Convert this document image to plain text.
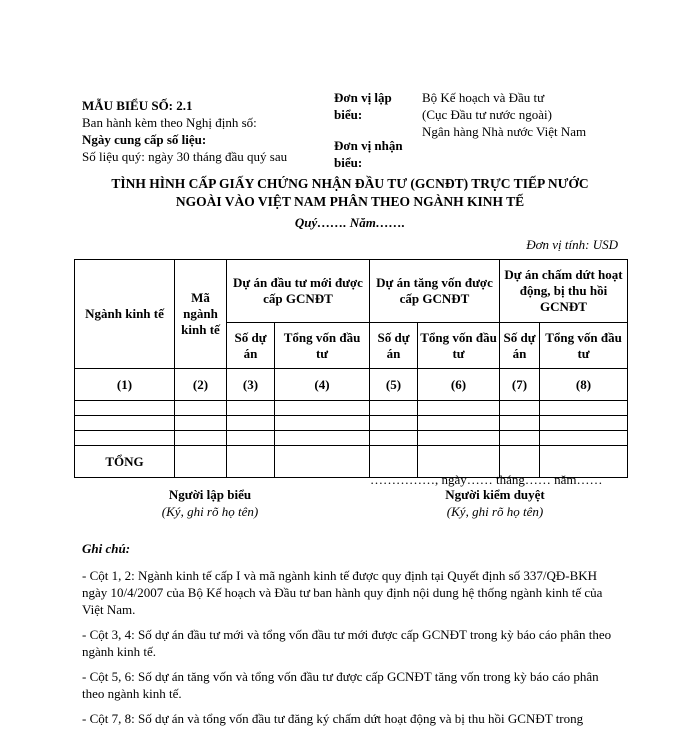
MẪU BIỂU SỐ: 2.1
Ban hành kèm theo Nghị định số:
Ngày cung cấp số liệu:
Số liệu quý: ngày 30 tháng đầu quý sau
Đơn vị lập
biểu:
Đơn vị nhận
biểu:
Bộ Kế hoạch và Đầu tư
(Cục Đầu tư nước ngoài)
Ngân hàng Nhà nước Việt Nam
TÌNH HÌNH CẤP GIẤY CHỨNG NHẬN ĐẦU TƯ (GCNĐT) TRỰC TIẾP NƯỚC
NGOÀI VÀO VIỆT NAM PHÂN THEO NGÀNH KINH TẾ
Quý……. Năm…….
Đơn vị tính: USD
Ngành kinh tế	Mã ngành kinh tế	Dự án đầu tư mới được cấp GCNĐT		Dự án tăng vốn được cấp GCNĐT		Dự án chấm dứt hoạt động, bị thu hồi GCNĐT	
		Số dự án	Tổng vốn đầu tư	Số dự án	Tổng vốn đầu tư	Số dự án	Tổng vốn đầu tư
(1)	(2)	(3)	(4)	(5)	(6)	(7)	(8)

TỔNG							
……………, ngày…… tháng…… năm……
Người lập biểu
(Ký, ghi rõ họ tên)
Người kiểm duyệt
(Ký, ghi rõ họ tên)

Ghi chú:

- Cột 1, 2: Ngành kinh tế cấp I và mã ngành kinh tế được quy định tại Quyết định số 337/QĐ-BKH ngày 10/4/2007 của Bộ Kế hoạch và Đầu tư ban hành quy định nội dung hệ thống ngành kinh tế của Việt Nam.

- Cột 3, 4: Số dự án đầu tư mới và tổng vốn đầu tư mới được cấp GCNĐT trong kỳ báo cáo phân theo ngành kinh tế.

- Cột 5, 6: Số dự án tăng vốn và tổng vốn đầu tư được cấp GCNĐT tăng vốn trong kỳ báo cáo phân theo ngành kinh tế.

- Cột 7, 8: Số dự án và tổng vốn đầu tư đăng ký chấm dứt hoạt động và bị thu hồi GCNĐT trong
